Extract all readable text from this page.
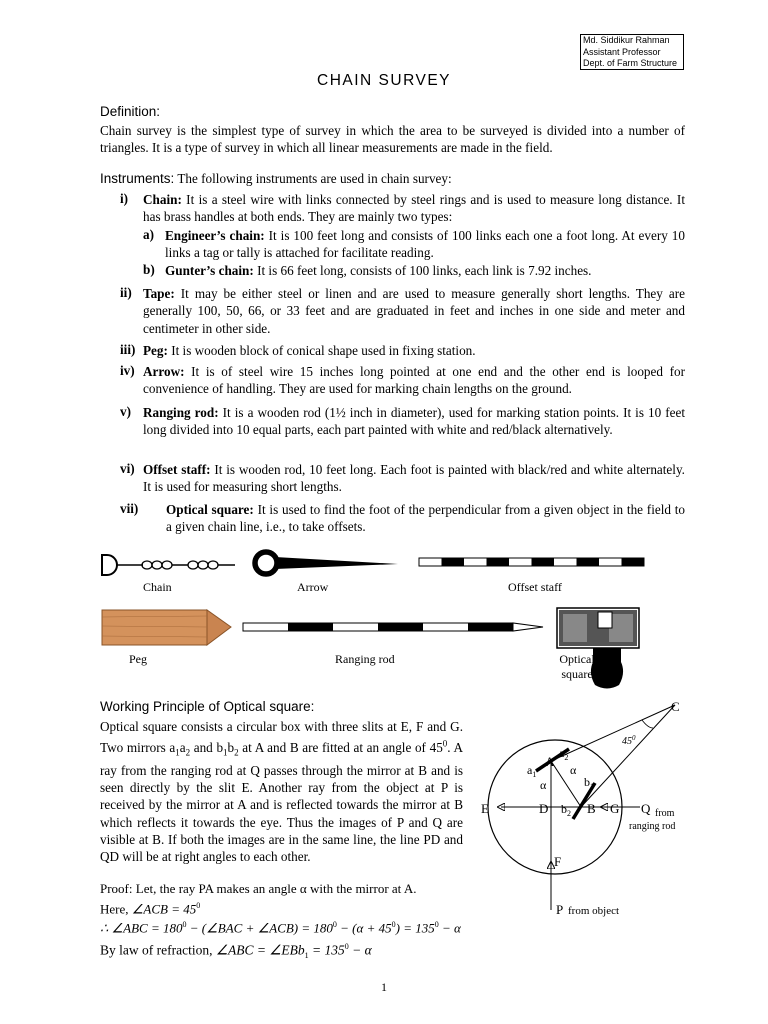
Md. Siddikur Rahman
Assistant Professor
Dept. of Farm Structure
CHAIN SURVEY
Definition:
Chain survey is the simplest type of survey in which the area to be surveyed is divided into a number of triangles. It is a type of survey in which all linear measurements are made in the field.
Instruments: The following instruments are used in chain survey:
i) Chain: It is a steel wire with links connected by steel rings and is used to measure long distance. It has brass handles at both ends. They are mainly two types:
a) Engineer’s chain: It is 100 feet long and consists of 100 links each one a foot long. At every 10 links a tag or tally is attached for facilitate reading.
b) Gunter’s chain: It is 66 feet long, consists of 100 links, each link is 7.92 inches.
ii) Tape: It may be either steel or linen and are used to measure generally short lengths. They are generally 100, 50, 66, or 33 feet and are graduated in feet and inches in one side and meter and centimeter in other side.
iii) Peg: It is wooden block of conical shape used in fixing station.
iv) Arrow: It is of steel wire 15 inches long pointed at one end and the other end is looped for convenience of handling. They are used for marking chain lengths on the ground.
v) Ranging rod: It is a wooden rod (1½ inch in diameter), used for marking station points. It is 10 feet long divided into 10 equal parts, each part painted with white and red/black alternatively.
vi) Offset staff: It is wooden rod, 10 feet long. Each foot is painted with black/red and white alternately. It is used for measuring short lengths.
vii) Optical square: It is used to find the foot of the perpendicular from a given object in the field to a given chain line, i.e., to take offsets.
Chain	Arrow	Offset staff
Peg	Ranging rod	Optical square
Working Principle of Optical square:
Optical square consists a circular box with three slits at E, F and G. Two mirrors $a_1a_2$ and $b_1b_2$ at A and B are fitted at an angle of $45^0$. A ray from the ranging rod at Q passes through the mirror at B and is seen directly by the slit E. Another ray from the object at P is received by the mirror at A and is reflected towards the mirror at B which reflects it towards the eye. Thus the images of P and Q are visible at B. If both the images are in the same line, the line PD and QD will be at right angles to each other.
Proof: Let, the ray PA makes an angle α with the mirror at A.
Here, ∠ACB = $45^0$
∴ ∠ABC = $180^0$ − (∠BAC + ∠ACB) = $180^0 - (\alpha + 45^0) = 135^0 - \alpha$
By law of refraction, ∠ABC = ∠EBb$_1$ = $135^0 - \alpha$
C
$45^0$
A
$a_2$
$a_1$	α
α	$b_1$
E	D $b_2$ B G Q from
ranging rod
F
P from object
1
